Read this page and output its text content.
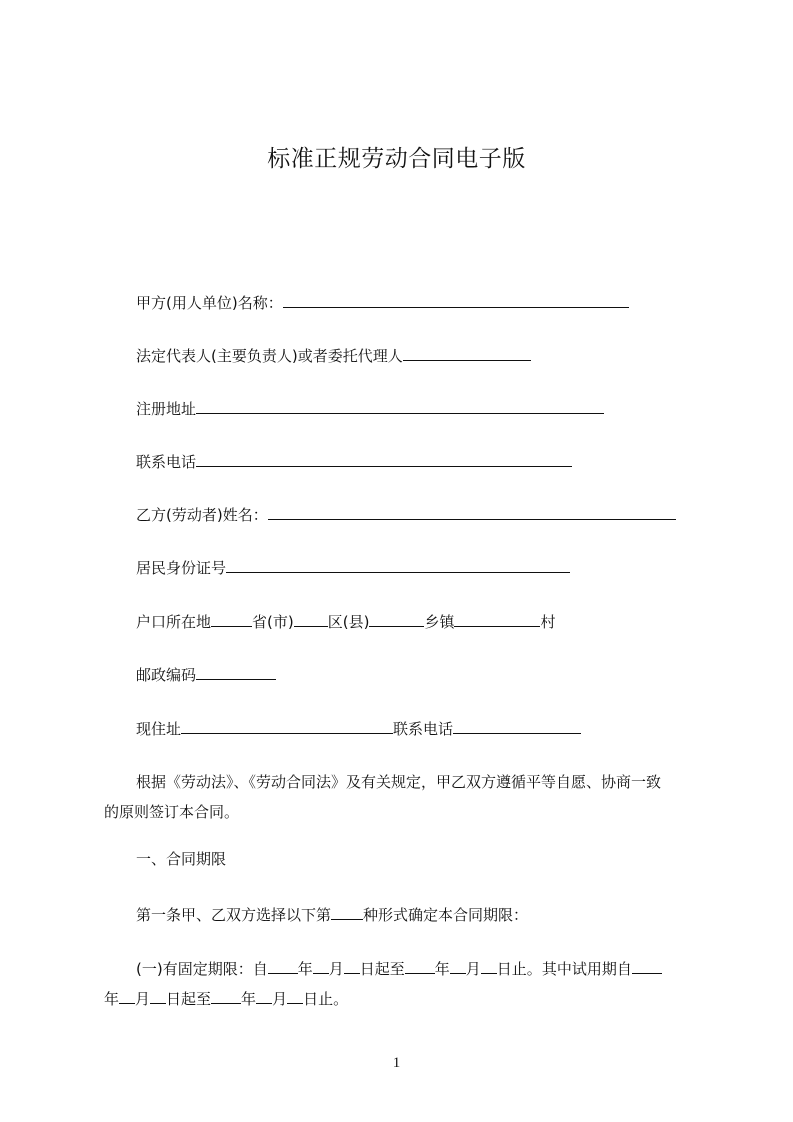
标准正规劳动合同电子版
甲方(用人单位)名称：
法定代表人(主要负责人)或者委托代理人
注册地址
联系电话
乙方(劳动者)姓名：
居民身份证号
户口所在地	省(市) 区(县)	乡镇	村
邮政编码
现住址	联系电话
根据《劳动法》、《劳动合同法》及有关规定，甲乙双方遵循平等自愿、协商一致
的原则签订本合同。
一、合同期限
第一条甲、乙双方选择以下第 种形式确定本合同期限：
(一)有固定期限：自 年 月 日起至 年 月 日止。其中试用期自
年 月 日起至 年 月 日止。
1
